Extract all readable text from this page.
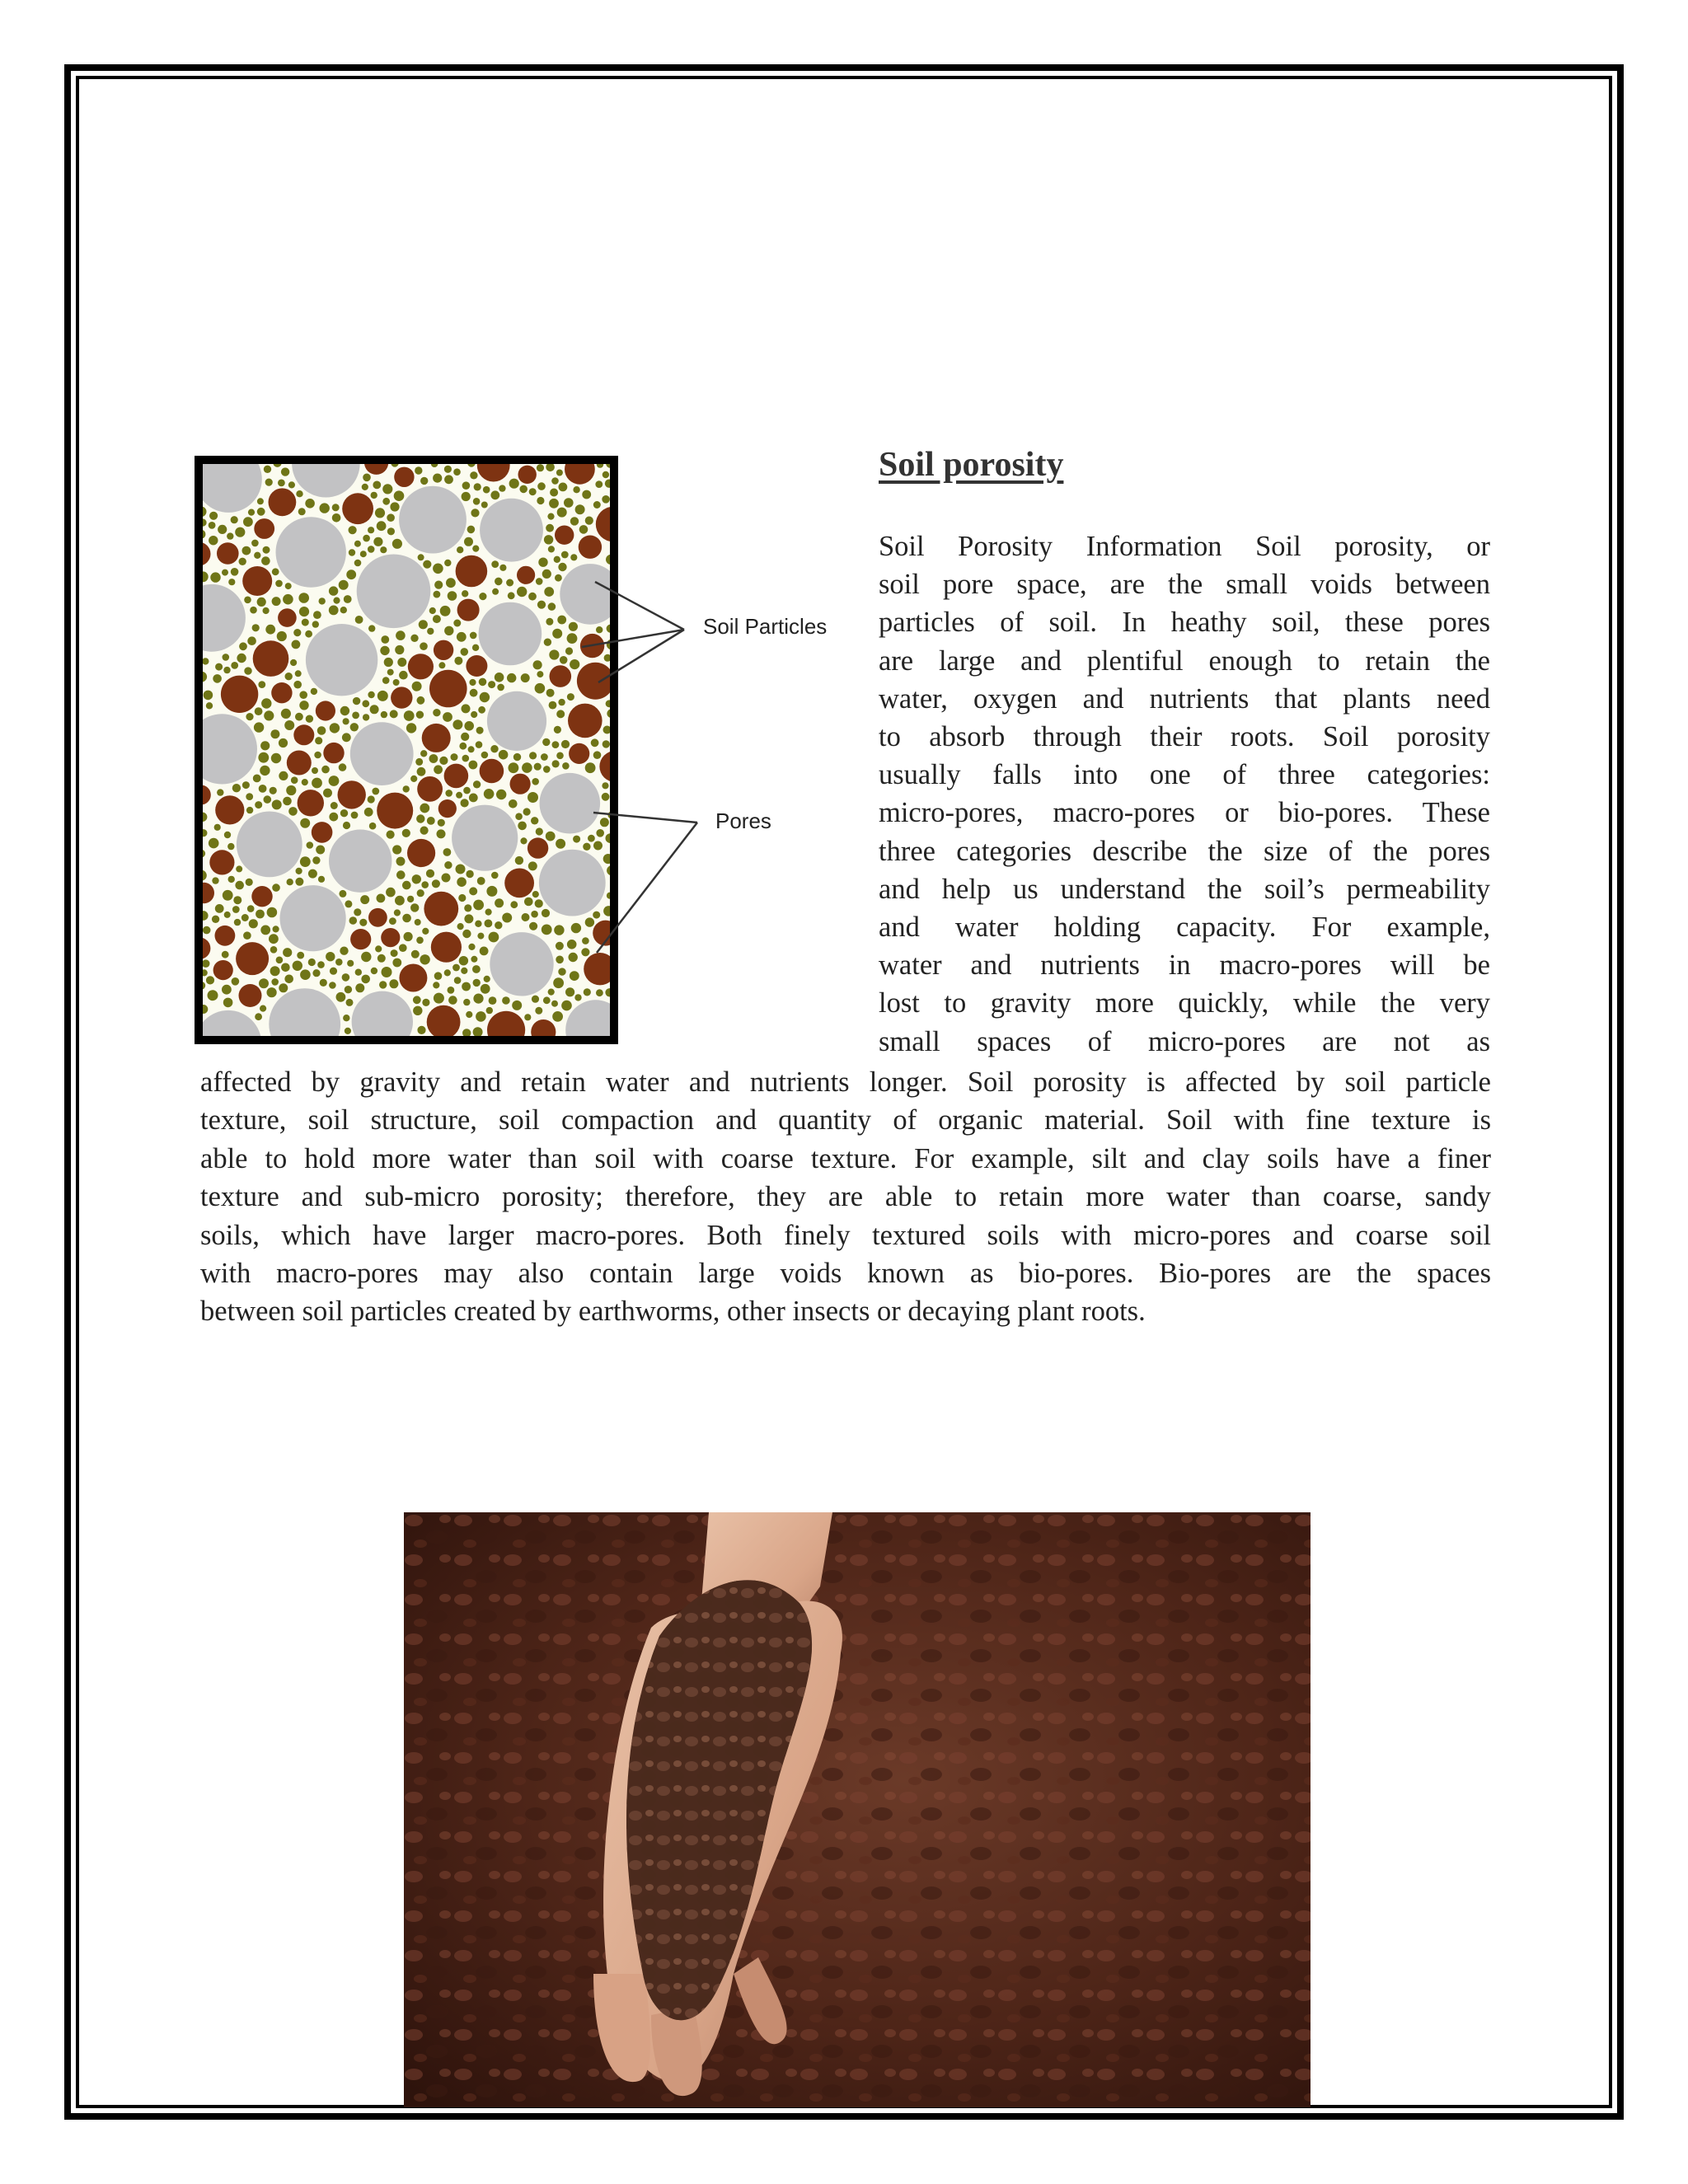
Soil Particles
Pores
Soil porosity
Soil Porosity Information Soil porosity, or
soil pore space, are the small voids between
particles of soil. In heathy soil, these pores
are large and plentiful enough to retain the
water, oxygen and nutrients that plants need
to absorb through their roots. Soil porosity
usually falls into one of three categories:
micro-pores, macro-pores or bio-pores. These
three categories describe the size of the pores
and help us understand the soil’s permeability
and water holding capacity. For example,
water and nutrients in macro-pores will be
lost to gravity more quickly, while the very
small spaces of micro-pores are not as
affected by gravity and retain water and nutrients longer. Soil porosity is affected by soil particle
texture, soil structure, soil compaction and quantity of organic material. Soil with fine texture is
able to hold more water than soil with coarse texture. For example, silt and clay soils have a finer
texture and sub-micro porosity; therefore, they are able to retain more water than coarse, sandy
soils, which have larger macro-pores. Both finely textured soils with micro-pores and coarse soil
with macro-pores may also contain large voids known as bio-pores. Bio-pores are the spaces
between soil particles created by earthworms, other insects or decaying plant roots.
